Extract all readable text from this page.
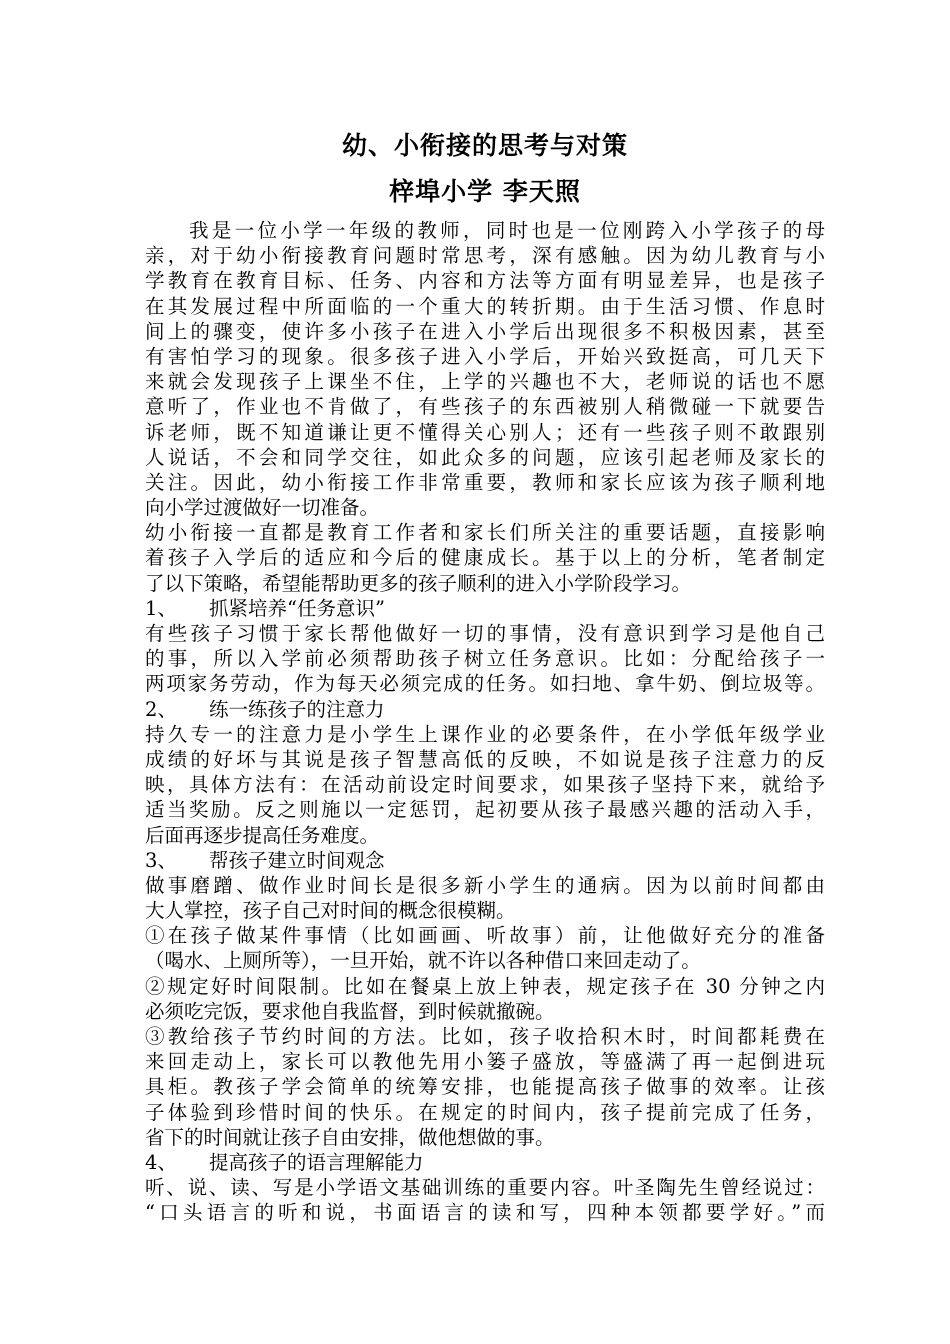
幼、小衔接的思考与对策
梓埠小学 李天照
我是一位小学一年级的教师，同时也是一位刚跨入小学孩子的母
亲，对于幼小衔接教育问题时常思考，深有感触。因为幼儿教育与小
学教育在教育目标、任务、内容和方法等方面有明显差异，也是孩子
在其发展过程中所面临的一个重大的转折期。由于生活习惯、作息时
间上的骤变，使许多小孩子在进入小学后出现很多不积极因素，甚至
有害怕学习的现象。很多孩子进入小学后，开始兴致挺高，可几天下
来就会发现孩子上课坐不住，上学的兴趣也不大，老师说的话也不愿
意听了，作业也不肯做了，有些孩子的东西被别人稍微碰一下就要告
诉老师，既不知道谦让更不懂得关心别人；还有一些孩子则不敢跟别
人说话，不会和同学交往，如此众多的问题，应该引起老师及家长的
关注。因此，幼小衔接工作非常重要，教师和家长应该为孩子顺利地
向小学过渡做好一切准备。
幼小衔接一直都是教育工作者和家长们所关注的重要话题，直接影响
着孩子入学后的适应和今后的健康成长。基于以上的分析，笔者制定
了以下策略，希望能帮助更多的孩子顺利的进入小学阶段学习。
1、 抓紧培养“任务意识”
有些孩子习惯于家长帮他做好一切的事情，没有意识到学习是他自己
的事，所以入学前必须帮助孩子树立任务意识。比如：分配给孩子一
两项家务劳动，作为每天必须完成的任务。如扫地、拿牛奶、倒垃圾等。
2、 练一练孩子的注意力
持久专一的注意力是小学生上课作业的必要条件，在小学低年级学业
成绩的好坏与其说是孩子智慧高低的反映，不如说是孩子注意力的反
映，具体方法有：在活动前设定时间要求，如果孩子坚持下来，就给予
适当奖励。反之则施以一定惩罚，起初要从孩子最感兴趣的活动入手，
后面再逐步提高任务难度。
3、 帮孩子建立时间观念
做事磨蹭、做作业时间长是很多新小学生的通病。因为以前时间都由
大人掌控，孩子自己对时间的概念很模糊。
①在孩子做某件事情（比如画画、听故事）前，让他做好充分的准备
（喝水、上厕所等），一旦开始，就不许以各种借口来回走动了。
②规定好时间限制。比如在餐桌上放上钟表，规定孩子在 30 分钟之内
必须吃完饭，要求他自我监督，到时候就撤碗。
③教给孩子节约时间的方法。比如，孩子收拾积木时，时间都耗费在
来回走动上，家长可以教他先用小篓子盛放，等盛满了再一起倒进玩
具柜。教孩子学会简单的统筹安排，也能提高孩子做事的效率。让孩
子体验到珍惜时间的快乐。在规定的时间内，孩子提前完成了任务，
省下的时间就让孩子自由安排，做他想做的事。
4、 提高孩子的语言理解能力
听、说、读、写是小学语文基础训练的重要内容。叶圣陶先生曾经说过：
“口头语言的听和说，书面语言的读和写，四种本领都要学好。”而
